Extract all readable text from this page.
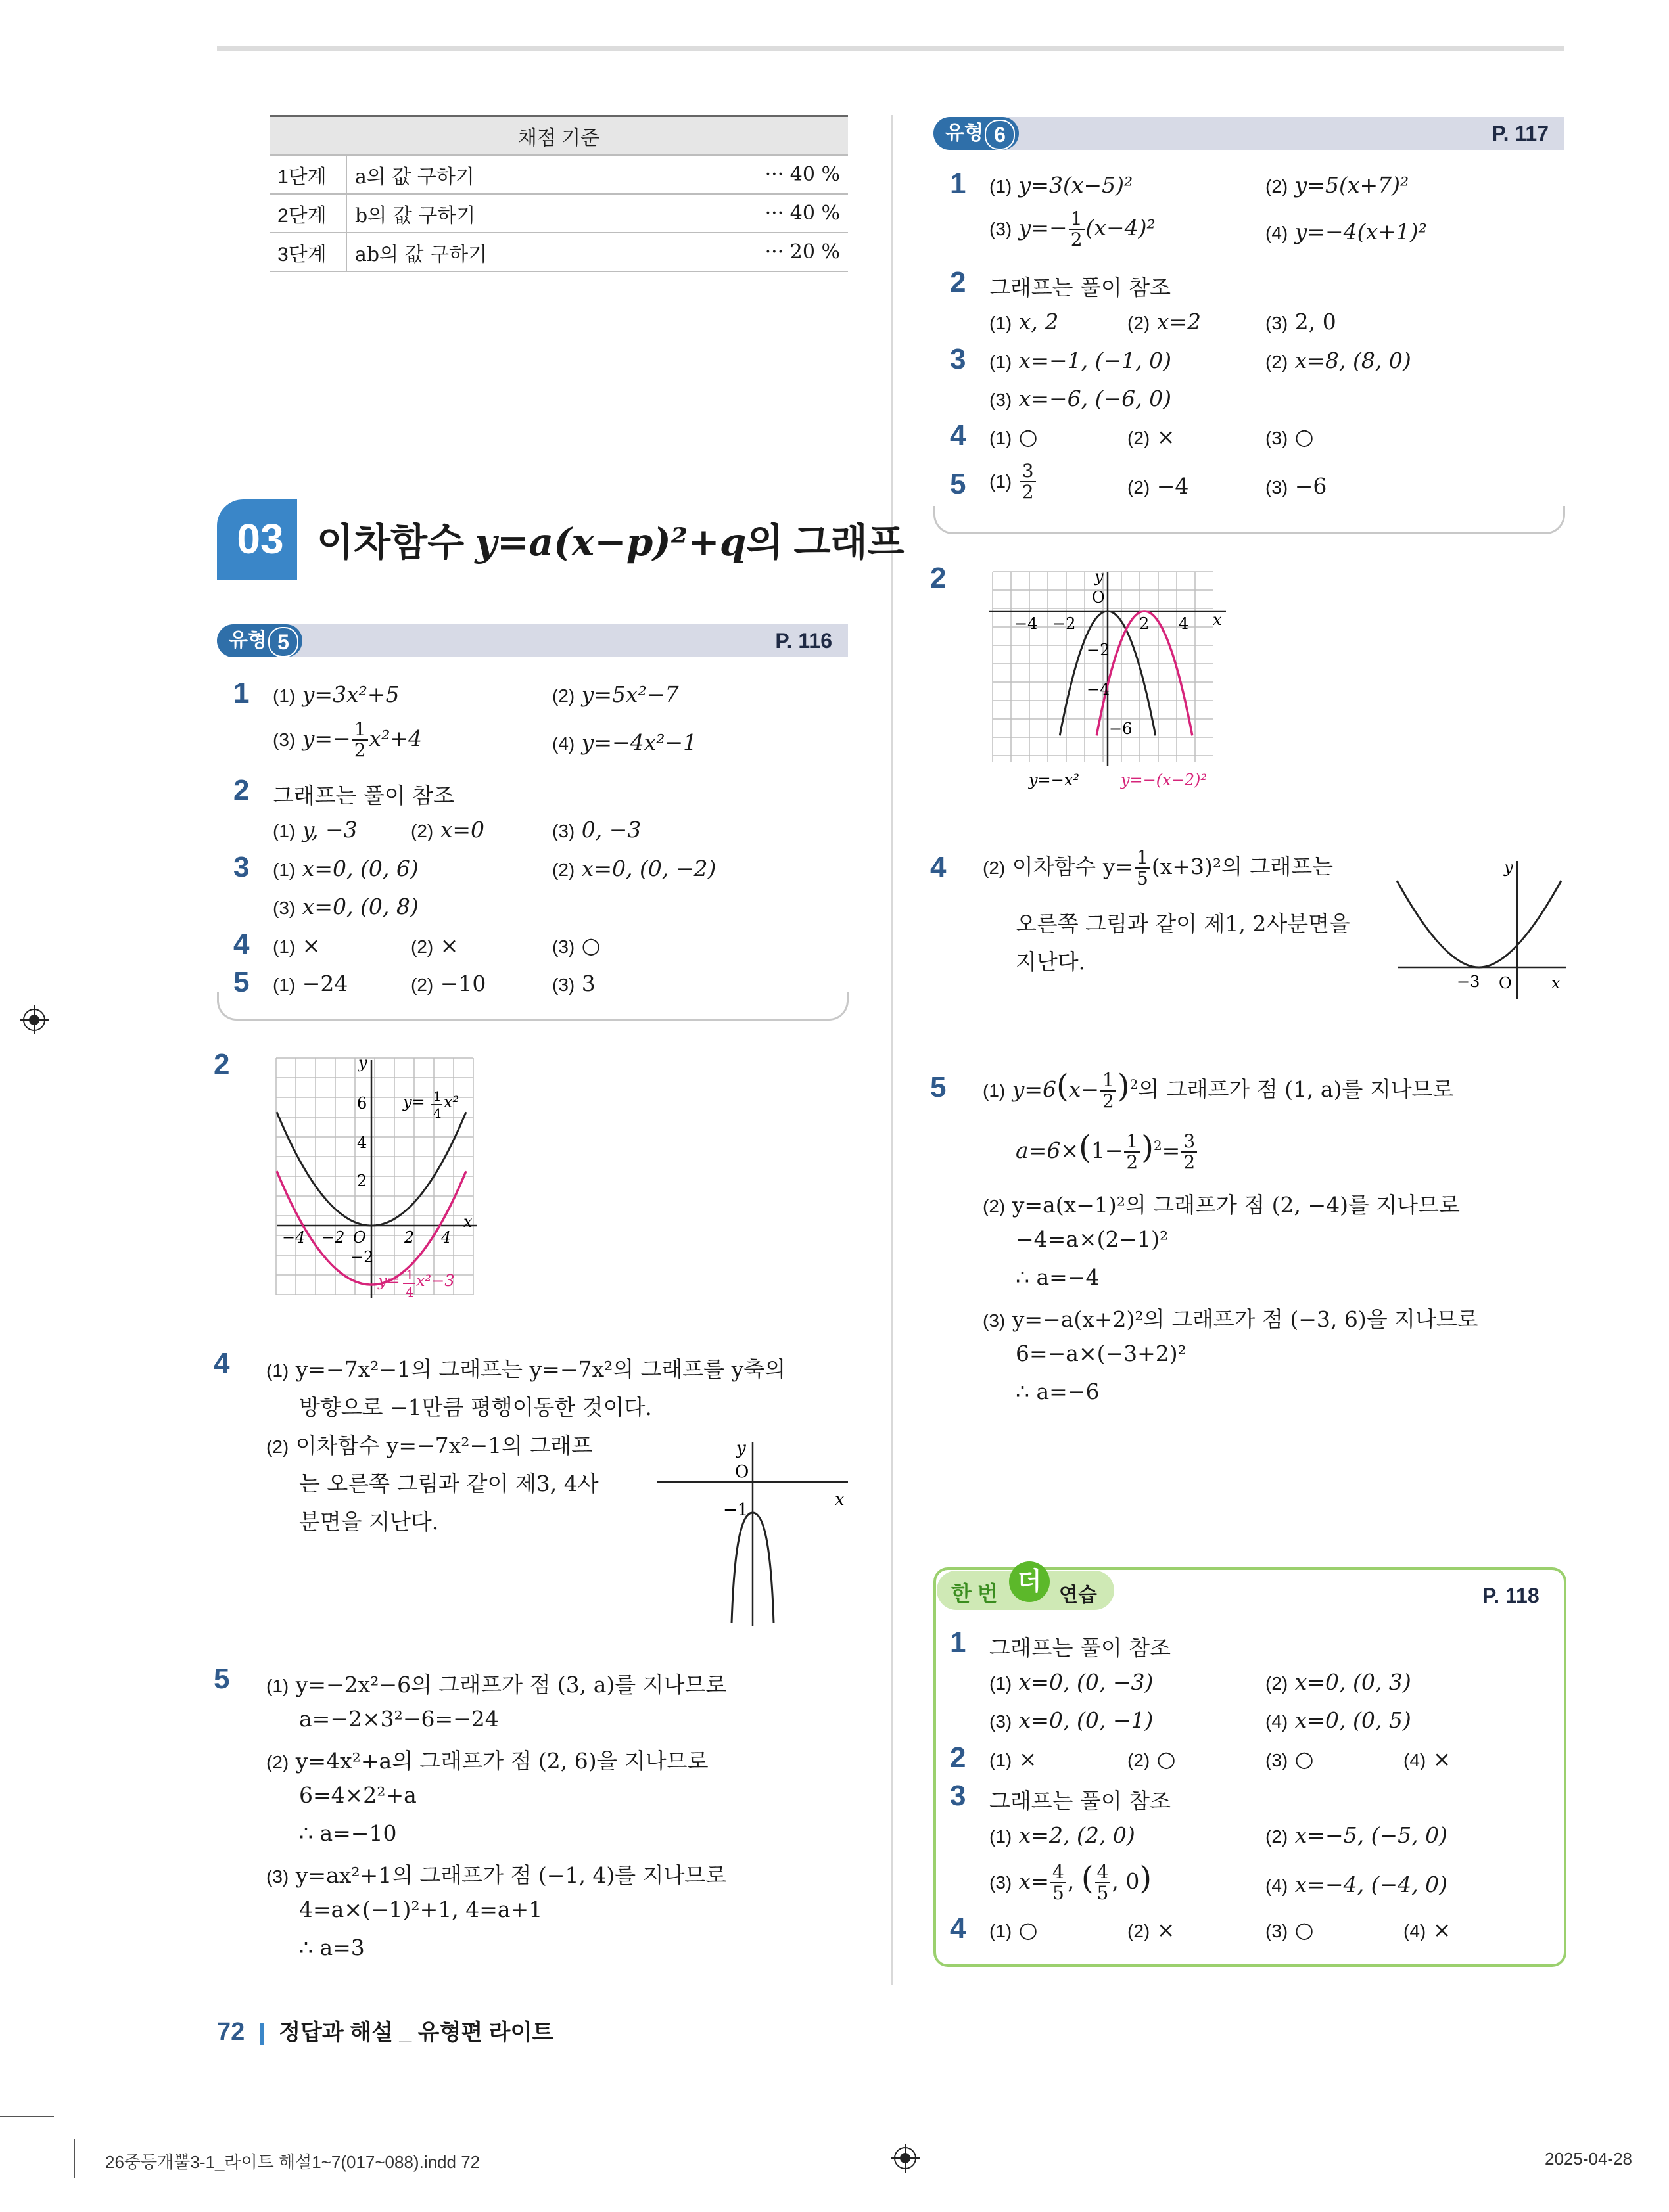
채점 기준		
1단계	a의 값 구하기	··· 40 %
2단계	b의 값 구하기	··· 40 %
3단계	ab의 값 구하기	··· 20 %
03 이차함수 y=a(x−p)²+q의 그래프
유형 5	P. 116
1 (1) y=3x²+5	(2) y=5x²−7
(3) $y=- \frac{1}{2} x^2+4$	(4) y=−4x²−1
2 그래프는 풀이 참조
(1) y, −3	(2) x=0	(3) 0, −3
3 (1) x=0, (0, 6)	(2) x=0, (0, −2)
(3) x=0, (0, 8)
4 (1) ×	(2) ×	(3) ○
5 (1) −24	(2) −10	(3) 3
2
−4 −2 O 2 4
x
y
6
4
2
−2
y= 1
4
x²
y= 1
4
x²−3
4 (1) y=−7x²−1의 그래프는 y=−7x²의 그래프를 y축의
방향으로 −1만큼 평행이동한 것이다.
(2) 이차함수 y=−7x²−1의 그래프
는 오른쪽 그림과 같이 제3, 4사
분면을 지난다.
y
O
x
−1
5 (1) y=−2x²−6의 그래프가 점 (3, a)를 지나므로
a=−2×3²−6=−24
(2) y=4x²+a의 그래프가 점 (2, 6)을 지나므로
6=4×2²+a
∴ a=−10
(3) y=ax²+1의 그래프가 점 (−1, 4)를 지나므로
4=a×(−1)²+1, 4=a+1
∴ a=3
유형 6	P. 117
1 (1) y=3(x−5)²	(2) y=5(x+7)²
(3) $y=- \frac{1}{2} (x-4)^2$	(4) y=−4(x+1)²
2 그래프는 풀이 참조
(1) x, 2	(2) x=2	(3) 2, 0
3 (1) x=−1, (−1, 0)	(2) x=8, (8, 0)
(3) x=−6, (−6, 0)
4 (1) ○	(2) ×	(3) ○
5 $(1) \frac{3}{2}$	(2) −4	(3) −6
2
−4 −2	2 4 x
y
O
−2
−4
−6
y=−x²	y=−(x−2)²
4 (2) 이차함수 $y= \frac{1}{5} (x+3)^2$의 그래프는
오른쪽 그림과 같이 제1, 2사분면을
지난다.
y
−3 O	x
5 (1) $y=6(x- \frac{1}{2} )^2$의 그래프가 점 (1, a)를 지나므로
$a=6\times(1- \frac{1}{2} )^2= \frac{3}{2}$
(2) y=a(x−1)²의 그래프가 점 (2, −4)를 지나므로
−4=a×(2−1)²
∴ a=−4
(3) y=−a(x+2)²의 그래프가 점 (−3, 6)을 지나므로
6=−a×(−3+2)²
∴ a=−6
한 번 더 연습	P. 118
1 그래프는 풀이 참조
(1) x=0, (0, −3)	(2) x=0, (0, 3)
(3) x=0, (0, −1)	(4) x=0, (0, 5)
2 (1) ×	(2) ○	(3) ○	(4) ×
3 그래프는 풀이 참조
(1) x=2, (2, 0)	(2) x=−5, (−5, 0)
(3) $x= \frac{4}{5}$ , ( $\frac{4}{5}$ , 0)	(4) x=−4, (−4, 0)
4 (1) ○	(2) ×	(3) ○	(4) ×
72 정답과 해설 _ 유형편 라이트
26중등개뿔3-1_라이트 해설1~7(017~088).indd 72	2025-04-28
